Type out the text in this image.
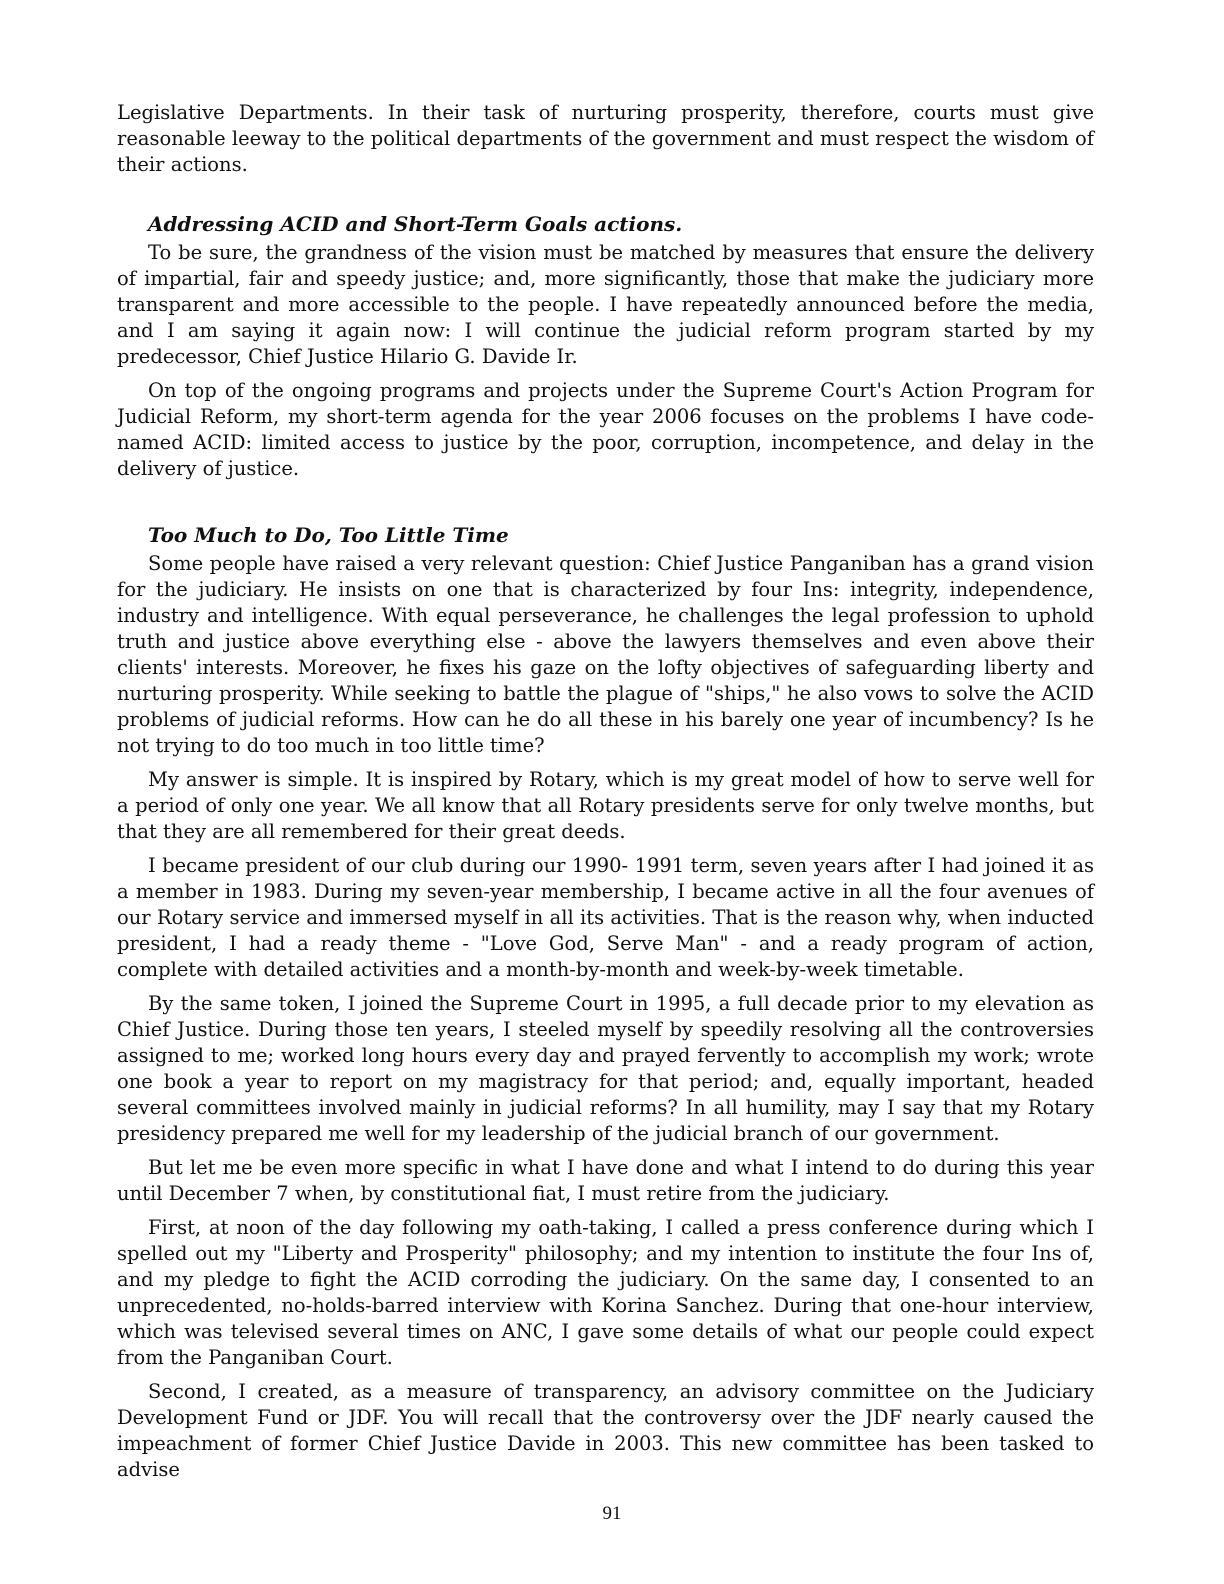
Legislative Departments. In their task of nurturing prosperity, therefore, courts must give reasonable leeway to the political departments of the government and must respect the wisdom of their actions.

Addressing ACID and Short-Term Goals actions.

To be sure, the grandness of the vision must be matched by measures that ensure the delivery of impartial, fair and speedy justice; and, more significantly, those that make the judiciary more transparent and more accessible to the people. I have repeatedly announced before the media, and I am saying it again now: I will continue the judicial reform program started by my predecessor, Chief Justice Hilario G. Davide Ir.

On top of the ongoing programs and projects under the Supreme Court's Action Program for Judicial Reform, my short-term agenda for the year 2006 focuses on the problems I have code-named ACID: limited access to justice by the poor, corruption, incompetence, and delay in the delivery of justice.

Too Much to Do, Too Little Time

Some people have raised a very relevant question: Chief Justice Panganiban has a grand vision for the judiciary. He insists on one that is characterized by four Ins: integrity, independence, industry and intelligence. With equal perseverance, he challenges the legal profession to uphold truth and justice above everything else - above the lawyers themselves and even above their clients' interests. Moreover, he fixes his gaze on the lofty objectives of safeguarding liberty and nurturing prosperity. While seeking to battle the plague of "ships," he also vows to solve the ACID problems of judicial reforms. How can he do all these in his barely one year of incumbency? Is he not trying to do too much in too little time?

My answer is simple. It is inspired by Rotary, which is my great model of how to serve well for a period of only one year. We all know that all Rotary presidents serve for only twelve months, but that they are all remembered for their great deeds.

I became president of our club during our 1990- 1991 term, seven years after I had joined it as a member in 1983. During my seven-year membership, I became active in all the four avenues of our Rotary service and immersed myself in all its activities. That is the reason why, when inducted president, I had a ready theme - "Love God, Serve Man" - and a ready program of action, complete with detailed activities and a month-by-month and week-by-week timetable.

By the same token, I joined the Supreme Court in 1995, a full decade prior to my elevation as Chief Justice. During those ten years, I steeled myself by speedily resolving all the controversies assigned to me; worked long hours every day and prayed fervently to accomplish my work; wrote one book a year to report on my magistracy for that period; and, equally important, headed several committees involved mainly in judicial reforms? In all humility, may I say that my Rotary presidency prepared me well for my leadership of the judicial branch of our government.

But let me be even more specific in what I have done and what I intend to do during this year until December 7 when, by constitutional fiat, I must retire from the judiciary.

First, at noon of the day following my oath-taking, I called a press conference during which I spelled out my "Liberty and Prosperity" philosophy; and my intention to institute the four Ins of, and my pledge to fight the ACID corroding the judiciary. On the same day, I consented to an unprecedented, no-holds-barred interview with Korina Sanchez. During that one-hour interview, which was televised several times on ANC, I gave some details of what our people could expect from the Panganiban Court.

Second, I created, as a measure of transparency, an advisory committee on the Judiciary Development Fund or JDF. You will recall that the controversy over the JDF nearly caused the impeachment of former Chief Justice Davide in 2003. This new committee has been tasked to advise

91
